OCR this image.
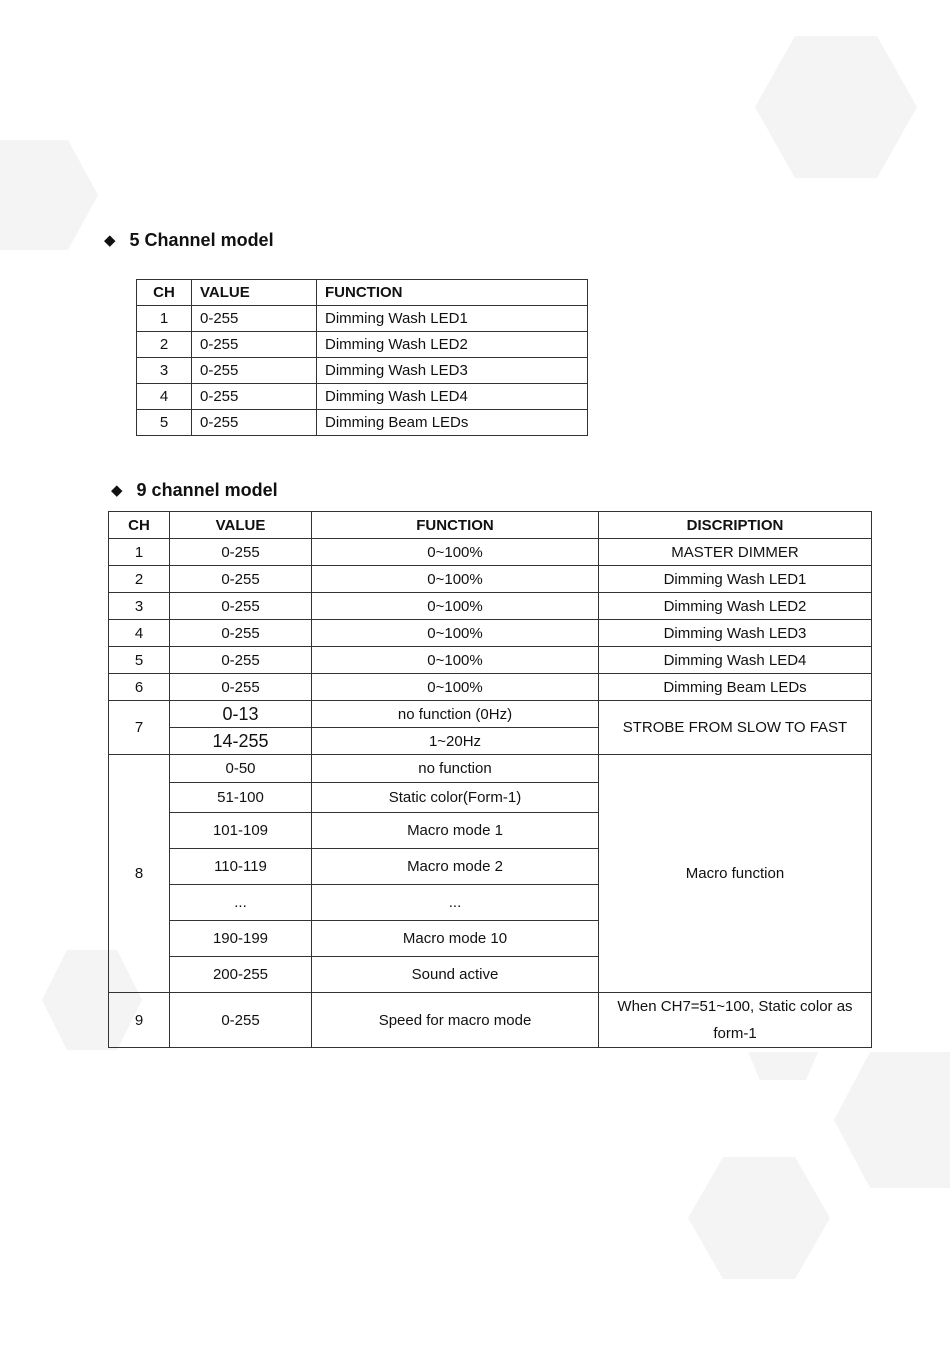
◆ 5 Channel model
CH	VALUE	FUNCTION
1	0-255	Dimming Wash LED1
2	0-255	Dimming Wash LED2
3	0-255	Dimming Wash LED3
4	0-255	Dimming Wash LED4
5	0-255	Dimming Beam LEDs
◆ 9 channel model
CH	VALUE	FUNCTION	DISCRIPTION
1	0-255	0~100%	MASTER DIMMER
2	0-255	0~100%	Dimming Wash LED1
3	0-255	0~100%	Dimming Wash LED2
4	0-255	0~100%	Dimming Wash LED3
5	0-255	0~100%	Dimming Wash LED4
6	0-255	0~100%	Dimming Beam LEDs
7	0-13	no function (0Hz)	STROBE FROM SLOW TO FAST
	14-255	1~20Hz	
8	0-50	no function	Macro function
	51-100	Static color(Form-1)	
	101-109	Macro mode 1	
	110-119	Macro mode 2	
	...	...	
	190-199	Macro mode 10	
	200-255	Sound active	
9	0-255	Speed for macro mode	When CH7=51~100, Static color as
form-1
